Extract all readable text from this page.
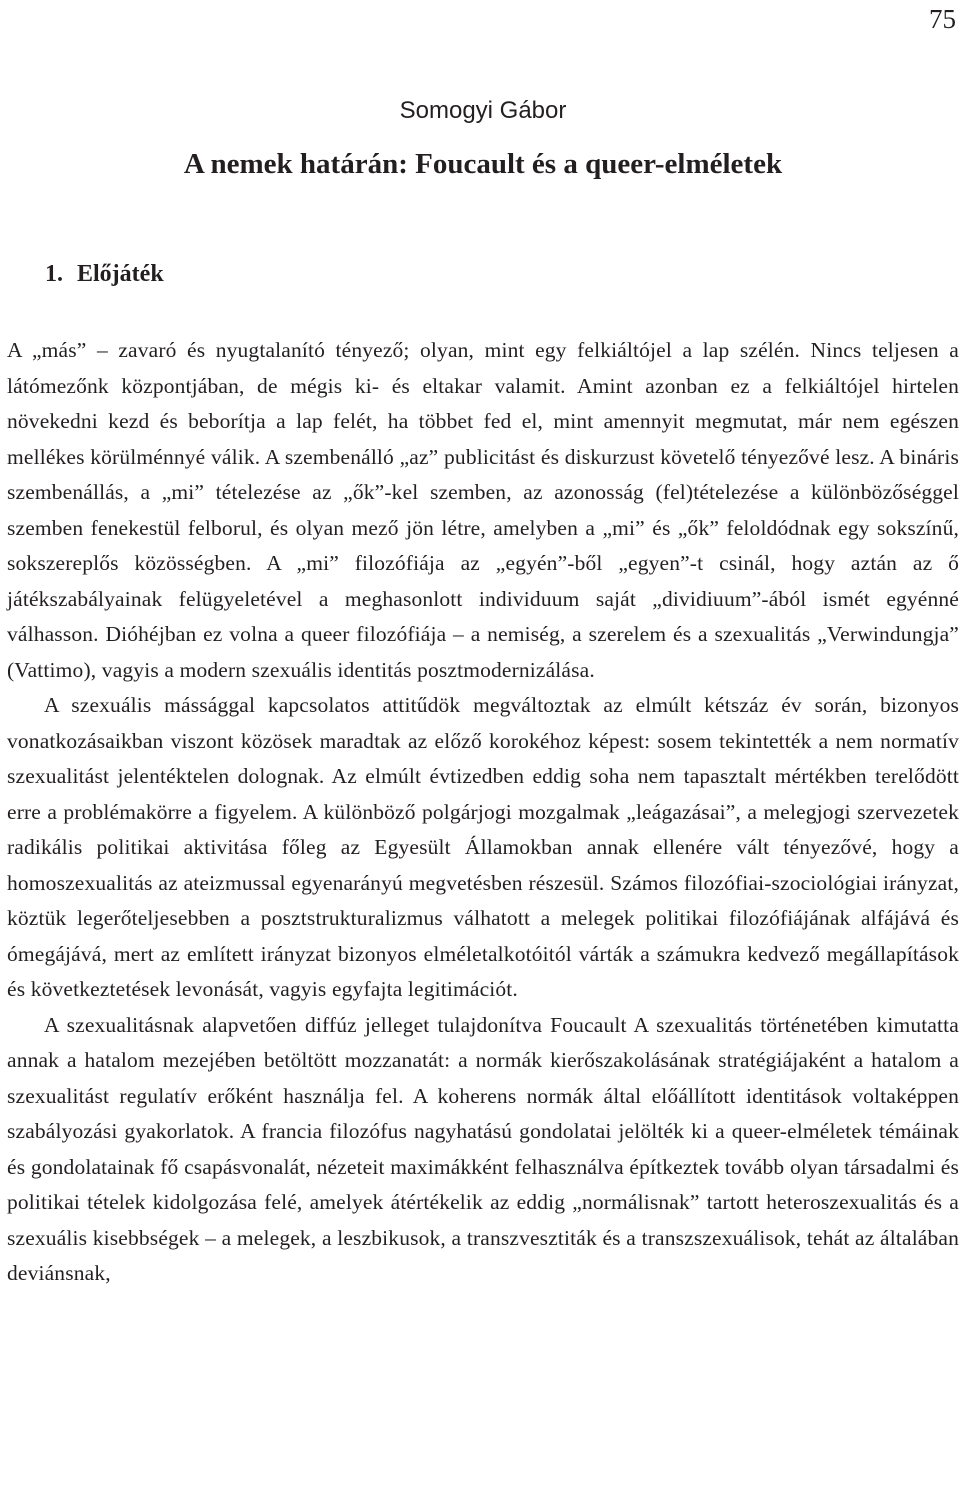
75
Somogyi Gábor
A nemek határán: Foucault és a queer-elméletek
1. Előjáték

A „más” – zavaró és nyugtalanító tényező; olyan, mint egy felkiáltójel a lap szélén. Nincs teljesen a látómezőnk központjában, de mégis ki- és eltakar valamit. Amint azonban ez a felkiáltójel hirtelen növekedni kezd és beborítja a lap felét, ha többet fed el, mint amennyit megmutat, már nem egészen mellékes körülménnyé válik. A szembenálló „az” publicitást és diskurzust követelő tényezővé lesz. A bináris szembenállás, a „mi” tételezése az „ők”-kel szemben, az azonosság (fel)tételezése a különbözőséggel szemben fenekestül felborul, és olyan mező jön létre, amelyben a „mi” és „ők” feloldódnak egy sokszínű, sokszereplős közösségben. A „mi” filozófiája az „egyén”-ből „egyen”-t csinál, hogy aztán az ő játékszabályainak felügyeletével a meghasonlott individuum saját „dividiuum”-ából ismét egyénné válhasson. Dióhéjban ez volna a queer filozófiája – a nemiség, a szerelem és a szexualitás „Verwindungja” (Vattimo), vagyis a modern szexuális identitás posztmodernizálása.

A szexuális mássággal kapcsolatos attitűdök megváltoztak az elmúlt kétszáz év során, bizonyos vonatkozásaikban viszont közösek maradtak az előző korokéhoz képest: sosem tekintették a nem normatív szexualitást jelentéktelen dolognak. Az elmúlt évtizedben eddig soha nem tapasztalt mértékben terelődött erre a problémakörre a figyelem. A különböző polgárjogi mozgalmak „leágazásai”, a melegjogi szervezetek radikális politikai aktivitása főleg az Egyesült Államokban annak ellenére vált tényezővé, hogy a homoszexualitás az ateizmussal egyenarányú megvetésben részesül. Számos filozófiai-szociológiai irányzat, köztük legerőteljesebben a posztstrukturalizmus válhatott a melegek politikai filozófiájának alfájává és ómegájává, mert az említett irányzat bizonyos elméletalkotóitól várták a számukra kedvező megállapítások és következtetések levonását, vagyis egyfajta legitimációt.

A szexualitásnak alapvetően diffúz jelleget tulajdonítva Foucault A szexualitás történetében kimutatta annak a hatalom mezejében betöltött mozzanatát: a normák kierőszakolásának stratégiájaként a hatalom a szexualitást regulatív erőként használja fel. A koherens normák által előállított identitások voltaképpen szabályozási gyakorlatok. A francia filozófus nagyhatású gondolatai jelölték ki a queer-elméletek témáinak és gondolatainak fő csapásvonalát, nézeteit maximákként felhasználva építkeztek tovább olyan társadalmi és politikai tételek kidolgozása felé, amelyek átértékelik az eddig „normálisnak” tartott heteroszexualitás és a szexuális kisebbségek – a melegek, a leszbikusok, a transzvesztiták és a transzszexuálisok, tehát az általában deviánsnak,
